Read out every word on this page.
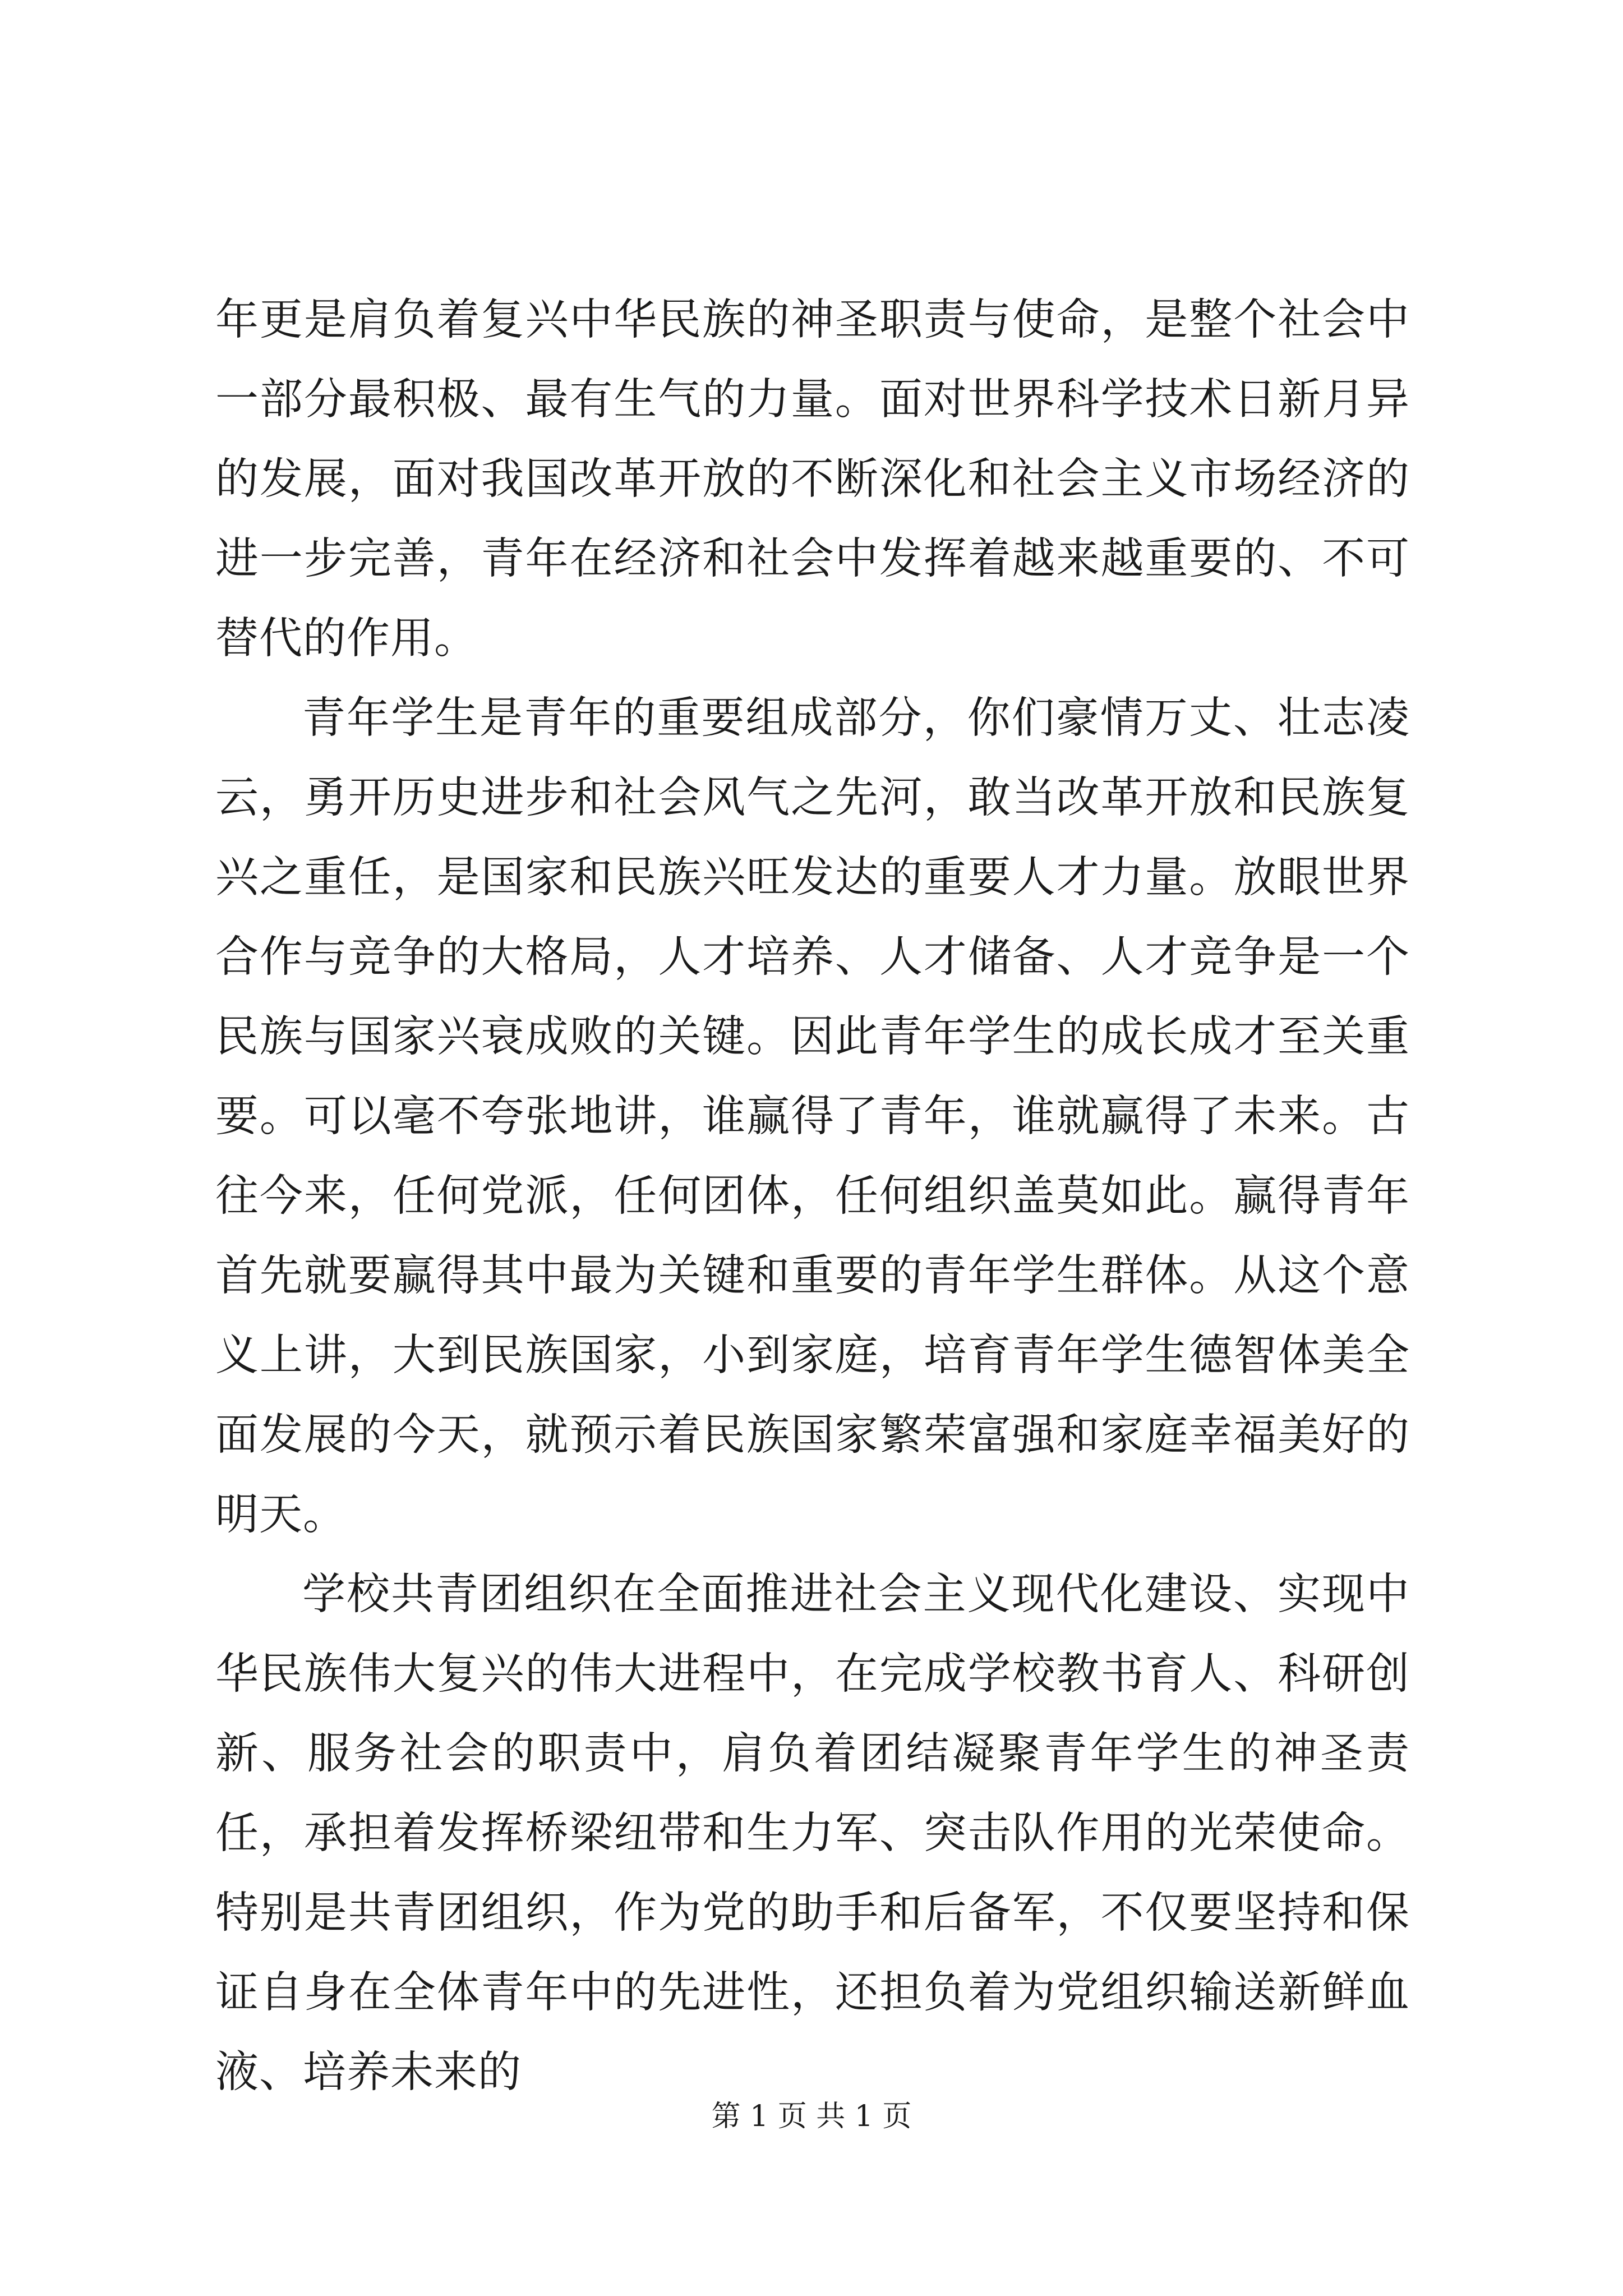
年更是肩负着复兴中华民族的神圣职责与使命，是整个社会中一部分最积极、最有生气的力量。面对世界科学技术日新月异的发展，面对我国改革开放的不断深化和社会主义市场经济的进一步完善，青年在经济和社会中发挥着越来越重要的、不可替代的作用。

青年学生是青年的重要组成部分，你们豪情万丈、壮志凌云，勇开历史进步和社会风气之先河，敢当改革开放和民族复兴之重任，是国家和民族兴旺发达的重要人才力量。放眼世界合作与竞争的大格局，人才培养、人才储备、人才竞争是一个民族与国家兴衰成败的关键。因此青年学生的成长成才至关重要。可以毫不夸张地讲，谁赢得了青年，谁就赢得了未来。古往今来，任何党派，任何团体，任何组织盖莫如此。赢得青年首先就要赢得其中最为关键和重要的青年学生群体。从这个意义上讲，大到民族国家，小到家庭，培育青年学生德智体美全面发展的今天，就预示着民族国家繁荣富强和家庭幸福美好的明天。

学校共青团组织在全面推进社会主义现代化建设、实现中华民族伟大复兴的伟大进程中，在完成学校教书育人、科研创新、服务社会的职责中，肩负着团结凝聚青年学生的神圣责任，承担着发挥桥梁纽带和生力军、突击队作用的光荣使命。特别是共青团组织，作为党的助手和后备军，不仅要坚持和保证自身在全体青年中的先进性，还担负着为党组织输送新鲜血液、培养未来的

第 1 页 共 1 页
